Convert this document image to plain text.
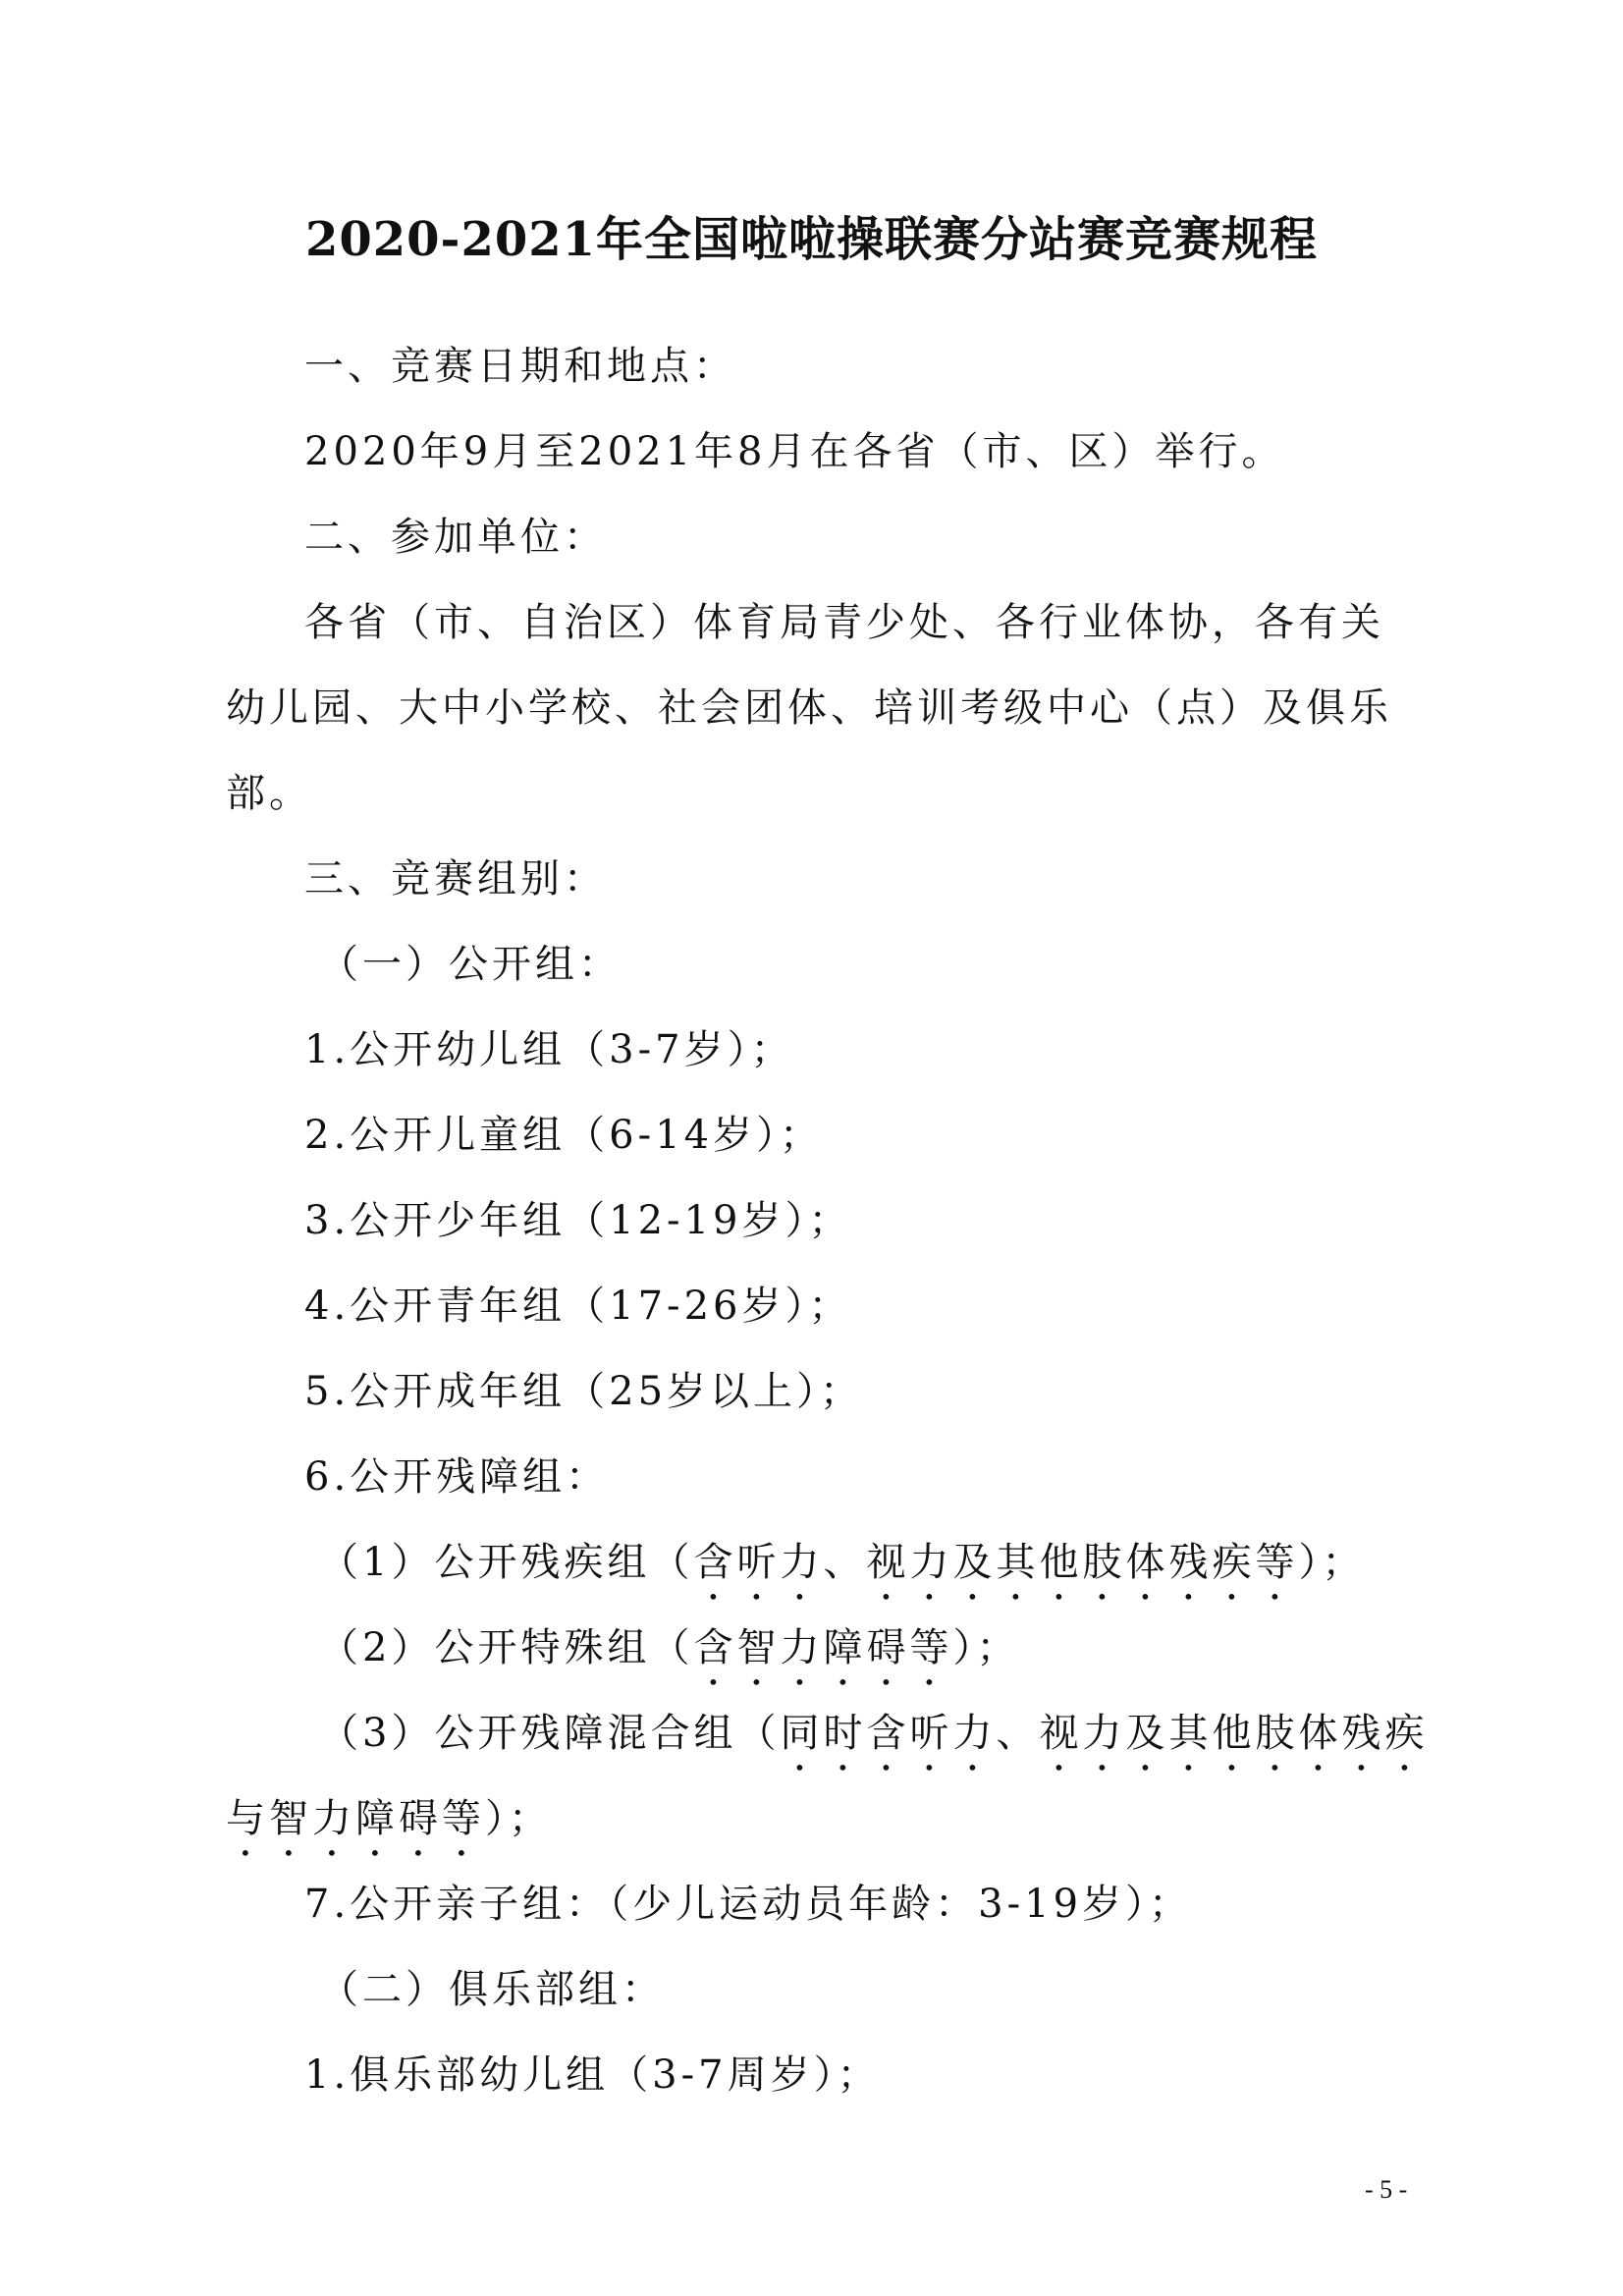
2020-2021年全国啦啦操联赛分站赛竞赛规程
一、竞赛日期和地点：
2020年9月至2021年8月在各省（市、区）举行。
二、参加单位：
各省（市、自治区）体育局青少处、各行业体协，各有关
幼儿园、大中小学校、社会团体、培训考级中心（点）及俱乐
部。
三、竞赛组别：
（一）公开组：
1.公开幼儿组（3-7岁）；
2.公开儿童组（6-14岁）；
3.公开少年组（12-19岁）；
4.公开青年组（17-26岁）；
5.公开成年组（25岁以上）；
6.公开残障组：
（1）公开残疾组（含听力、视力及其他肢体残疾等）；
（2）公开特殊组（含智力障碍等）；
（3）公开残障混合组（同时含听力、视力及其他肢体残疾
与智力障碍等）；
7.公开亲子组：（少儿运动员年龄：3-19岁）；
（二）俱乐部组：
1.俱乐部幼儿组（3-7周岁）；
- 5 -
